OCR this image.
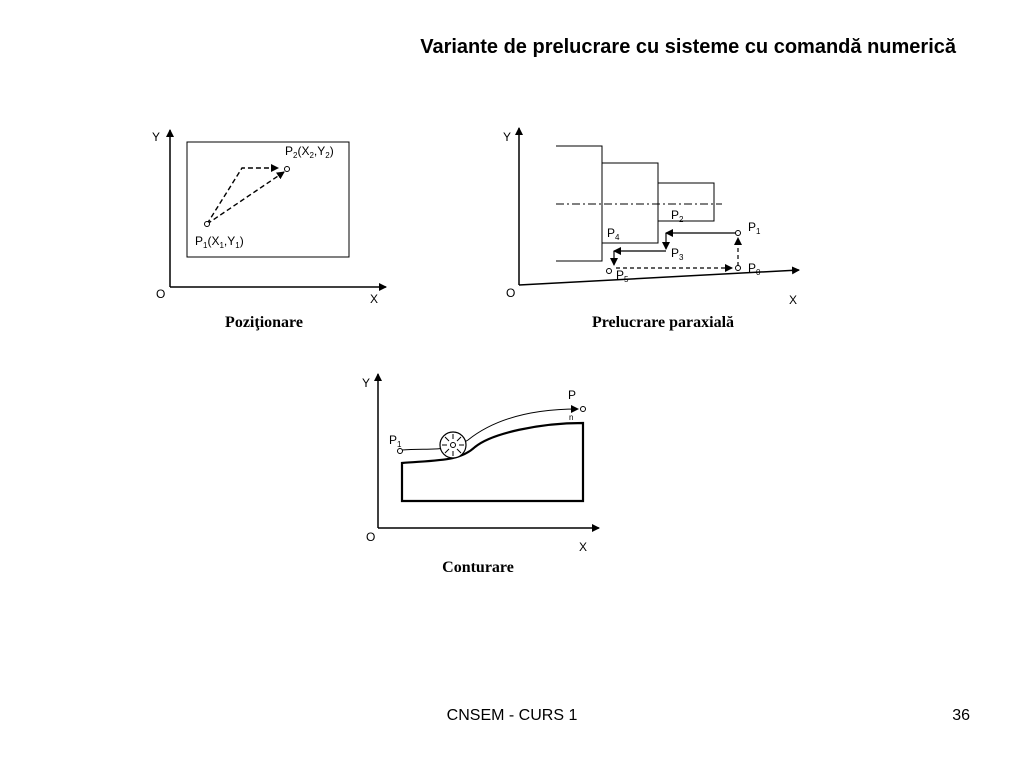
Variante de prelucrare cu sisteme cu comandă numerică
Y
X
O
$P_2(X_2,Y_2)$
$P_1(X_1,Y_1)$
Poziţionare
Y
X
O
$P_0$
$P_1$
$P_2$
$P_3$
$P_4$
$P_5$
Prelucrare paraxială
Y
X
O
$P_1$
P n
Conturare
CNSEM - CURS 1	36
